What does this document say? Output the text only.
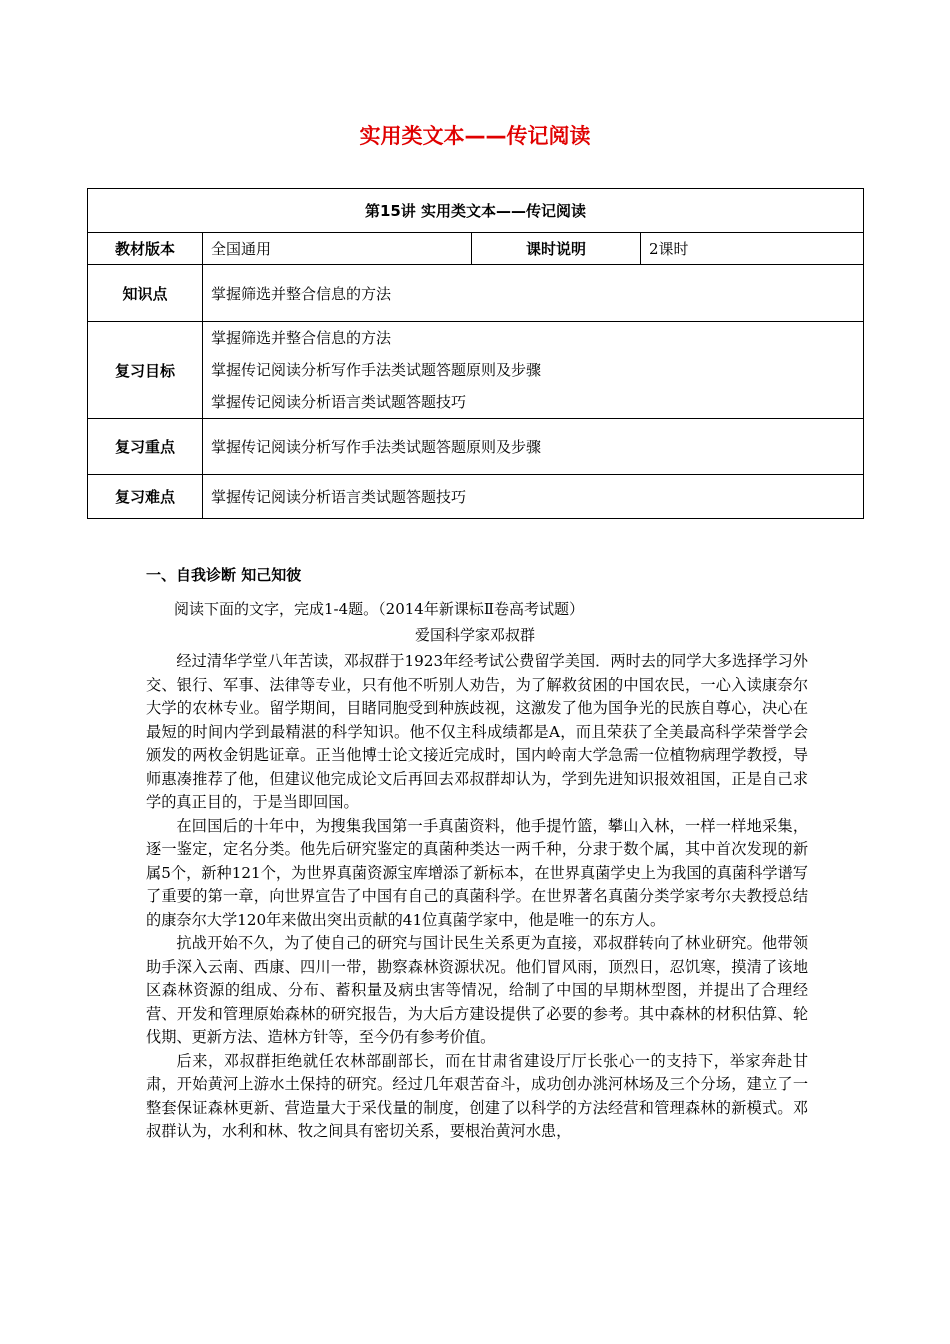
实用类文本——传记阅读
第15讲 实用类文本——传记阅读			
教材版本	全国通用	课时说明	2课时
知识点	掌握筛选并整合信息的方法		
复习目标	掌握筛选并整合信息的方法
掌握传记阅读分析写作手法类试题答题原则及步骤
掌握传记阅读分析语言类试题答题技巧		

复习重点	掌握传记阅读分析写作手法类试题答题原则及步骤		
复习难点	掌握传记阅读分析语言类试题答题技巧		
一、自我诊断 知己知彼
阅读下面的文字，完成1-4题。（2014年新课标Ⅱ卷高考试题）
爱国科学家邓叔群

经过清华学堂八年苦读，邓叔群于1923年经考试公费留学美国．两时去的同学大多选择学习外交、银行、军事、法律等专业，只有他不听别人劝告，为了解救贫困的中国农民，一心入读康奈尔大学的农林专业。留学期间，目睹同胞受到种族歧视，这激发了他为国争光的民族自尊心，决心在最短的时间内学到最精湛的科学知识。他不仅主科成绩都是A，而且荣获了全美最高科学荣誉学会颁发的两枚金钥匙证章。正当他博士论文接近完成时，国内岭南大学急需一位植物病理学教授，导师惠凑推荐了他，但建议他完成论文后再回去邓叔群却认为，学到先进知识报效祖国，正是自己求学的真正目的，于是当即回国。

在回国后的十年中，为搜集我国第一手真菌资料，他手提竹篮，攀山入林，一样一样地采集，逐一鉴定，定名分类。他先后研究鉴定的真菌种类达一两千种，分隶于数个属，其中首次发现的新属5个，新种121个，为世界真菌资源宝库增添了新标本，在世界真菌学史上为我国的真菌科学谱写了重要的第一章，向世界宣告了中国有自己的真菌科学。在世界著名真菌分类学家考尔夫教授总结的康奈尔大学120年来做出突出贡献的41位真菌学家中，他是唯一的东方人。

抗战开始不久，为了使自己的研究与国计民生关系更为直接，邓叔群转向了林业研究。他带领助手深入云南、西康、四川一带，勘察森林资源状况。他们冒风雨，顶烈日，忍饥寒，摸清了该地区森林资源的组成、分布、蓄积量及病虫害等情况，给制了中国的早期林型图，并提出了合理经营、开发和管理原始森林的研究报告，为大后方建设提供了必要的参考。其中森林的材积估算、轮伐期、更新方法、造林方针等，至今仍有参考价值。

后来，邓叔群拒绝就任农林部副部长，而在甘肃省建设厅厅长张心一的支持下，举家奔赴甘肃，开始黄河上游水土保持的研究。经过几年艰苦奋斗，成功创办洮河林场及三个分场，建立了一整套保证森林更新、营造量大于采伐量的制度，创建了以科学的方法经营和管理森林的新模式。邓叔群认为，水利和林、牧之间具有密切关系，要根治黄河水患，
